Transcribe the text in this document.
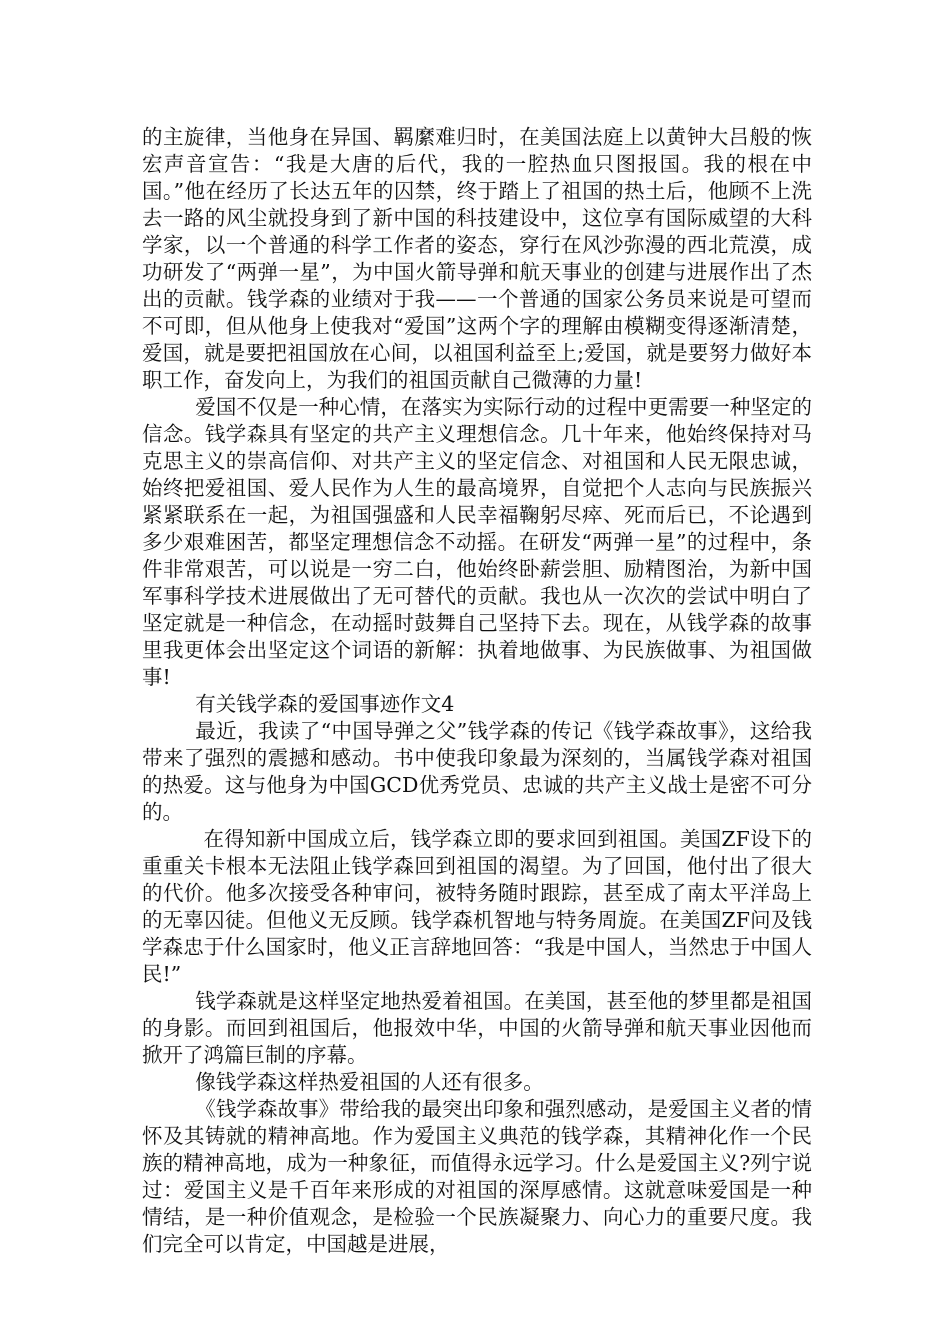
的主旋律，当他身在异国、羁縻难归时，在美国法庭上以黄钟大吕般的恢宏声音宣告：“我是大唐的后代，我的一腔热血只图报国。我的根在中国。”他在经历了长达五年的囚禁，终于踏上了祖国的热土后，他顾不上洗去一路的风尘就投身到了新中国的科技建设中，这位享有国际威望的大科学家，以一个普通的科学工作者的姿态，穿行在风沙弥漫的西北荒漠，成功研发了“两弹一星”，为中国火箭导弹和航天事业的创建与进展作出了杰出的贡献。钱学森的业绩对于我——一个普通的国家公务员来说是可望而不可即，但从他身上使我对“爱国”这两个字的理解由模糊变得逐渐清楚，爱国，就是要把祖国放在心间，以祖国利益至上;爱国，就是要努力做好本职工作，奋发向上，为我们的祖国贡献自己微薄的力量!

爱国不仅是一种心情，在落实为实际行动的过程中更需要一种坚定的信念。钱学森具有坚定的共产主义理想信念。几十年来，他始终保持对马克思主义的崇高信仰、对共产主义的坚定信念、对祖国和人民无限忠诚，始终把爱祖国、爱人民作为人生的最高境界，自觉把个人志向与民族振兴紧紧联系在一起，为祖国强盛和人民幸福鞠躬尽瘁、死而后已，不论遇到多少艰难困苦，都坚定理想信念不动摇。在研发“两弹一星”的过程中，条件非常艰苦，可以说是一穷二白，他始终卧薪尝胆、励精图治，为新中国军事科学技术进展做出了无可替代的贡献。我也从一次次的尝试中明白了坚定就是一种信念，在动摇时鼓舞自己坚持下去。现在，从钱学森的故事里我更体会出坚定这个词语的新解：执着地做事、为民族做事、为祖国做事!

有关钱学森的爱国事迹作文4

最近，我读了“中国导弹之父”钱学森的传记《钱学森故事》，这给我带来了强烈的震撼和感动。书中使我印象最为深刻的，当属钱学森对祖国的热爱。这与他身为中国GCD优秀党员、忠诚的共产主义战士是密不可分的。

在得知新中国成立后，钱学森立即的要求回到祖国。美国ZF设下的重重关卡根本无法阻止钱学森回到祖国的渴望。为了回国，他付出了很大的代价。他多次接受各种审问，被特务随时跟踪，甚至成了南太平洋岛上的无辜囚徒。但他义无反顾。钱学森机智地与特务周旋。在美国ZF问及钱学森忠于什么国家时，他义正言辞地回答：“我是中国人，当然忠于中国人民!”

钱学森就是这样坚定地热爱着祖国。在美国，甚至他的梦里都是祖国的身影。而回到祖国后，他报效中华，中国的火箭导弹和航天事业因他而掀开了鸿篇巨制的序幕。

像钱学森这样热爱祖国的人还有很多。

《钱学森故事》带给我的最突出印象和强烈感动，是爱国主义者的情怀及其铸就的精神高地。作为爱国主义典范的钱学森，其精神化作一个民族的精神高地，成为一种象征，而值得永远学习。什么是爱国主义?列宁说过：爱国主义是千百年来形成的对祖国的深厚感情。这就意味爱国是一种情结，是一种价值观念，是检验一个民族凝聚力、向心力的重要尺度。我们完全可以肯定，中国越是进展，
